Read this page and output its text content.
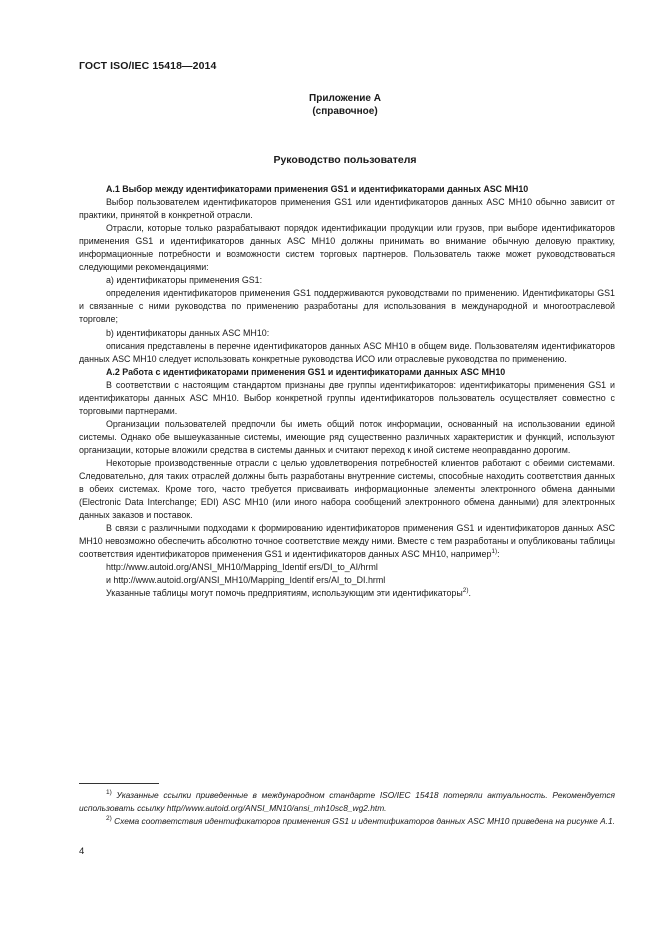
ГОСТ ISO/IEC 15418—2014
Приложение А
(справочное)
Руководство пользователя

А.1 Выбор между идентификаторами применения GS1 и идентификаторами данных ASC MH10

Выбор пользователем идентификаторов применения GS1 или идентификаторов данных ASC MH10 обычно зависит от практики, принятой в конкретной отрасли.

Отрасли, которые только разрабатывают порядок идентификации продукции или грузов, при выборе идентификаторов применения GS1 и идентификаторов данных ASC MH10 должны принимать во внимание обычную деловую практику, информационные потребности и возможности систем торговых партнеров. Пользователь также может руководствоваться следующими рекомендациями:

а) идентификаторы применения GS1:

определения идентификаторов применения GS1 поддерживаются руководствами по применению. Идентификаторы GS1 и связанные с ними руководства по применению разработаны для использования в международной и многоотраслевой торговле;

b) идентификаторы данных ASC MH10:

описания представлены в перечне идентификаторов данных ASC MH10 в общем виде. Пользователям идентификаторов данных ASC MH10 следует использовать конкретные руководства ИСО или отраслевые руководства по применению.

А.2 Работа с идентификаторами применения GS1 и идентификаторами данных ASC MH10

В соответствии с настоящим стандартом признаны две группы идентификаторов: идентификаторы применения GS1 и идентификаторы данных ASC MH10. Выбор конкретной группы идентификаторов пользователь осуществляет совместно с торговыми партнерами.

Организации пользователей предпочли бы иметь общий поток информации, основанный на использовании единой системы. Однако обе вышеуказанные системы, имеющие ряд существенно различных характеристик и функций, используют организации, которые вложили средства в системы данных и считают переход к иной системе неоправданно дорогим.

Некоторые производственные отрасли с целью удовлетворения потребностей клиентов работают с обеими системами. Следовательно, для таких отраслей должны быть разработаны внутренние системы, способные находить соответствия данных в обеих системах. Кроме того, часто требуется присваивать информационные элементы электронного обмена данными (Electronic Data Interchange; EDI) ASC MH10 (или иного набора сообщений электронного обмена данными) для электронных данных заказов и поставок.

В связи с различными подходами к формированию идентификаторов применения GS1 и идентификаторов данных ASC MH10 невозможно обеспечить абсолютно точное соответствие между ними. Вместе с тем разработаны и опубликованы таблицы соответствия идентификаторов применения GS1 и идентификаторов данных ASC MH10, например$^{1)}$:

http://www.autoid.org/ANSI_MH10/Mapping_Identif ers/DI_to_AI/hrml

и http://www.autoid.org/ANSI_MH10/Mapping_Identif ers/AI_to_DI.hrml

Указанные таблицы могут помочь предприятиям, использующим эти идентификаторы$^{2)}$.

$^{1)}$ Указанные ссылки приведенные в международном стандарте ISO/IEC 15418 потеряли актуальность. Рекомендуется использовать ссылку http//www.autoid.org/ANSI_MN10/ansi_mh10sc8_wg2.htm.

$^{2)}$ Схема соответствия идентификаторов применения GS1 и идентификаторов данных ASC MH10 приведена на рисунке А.1.

4
